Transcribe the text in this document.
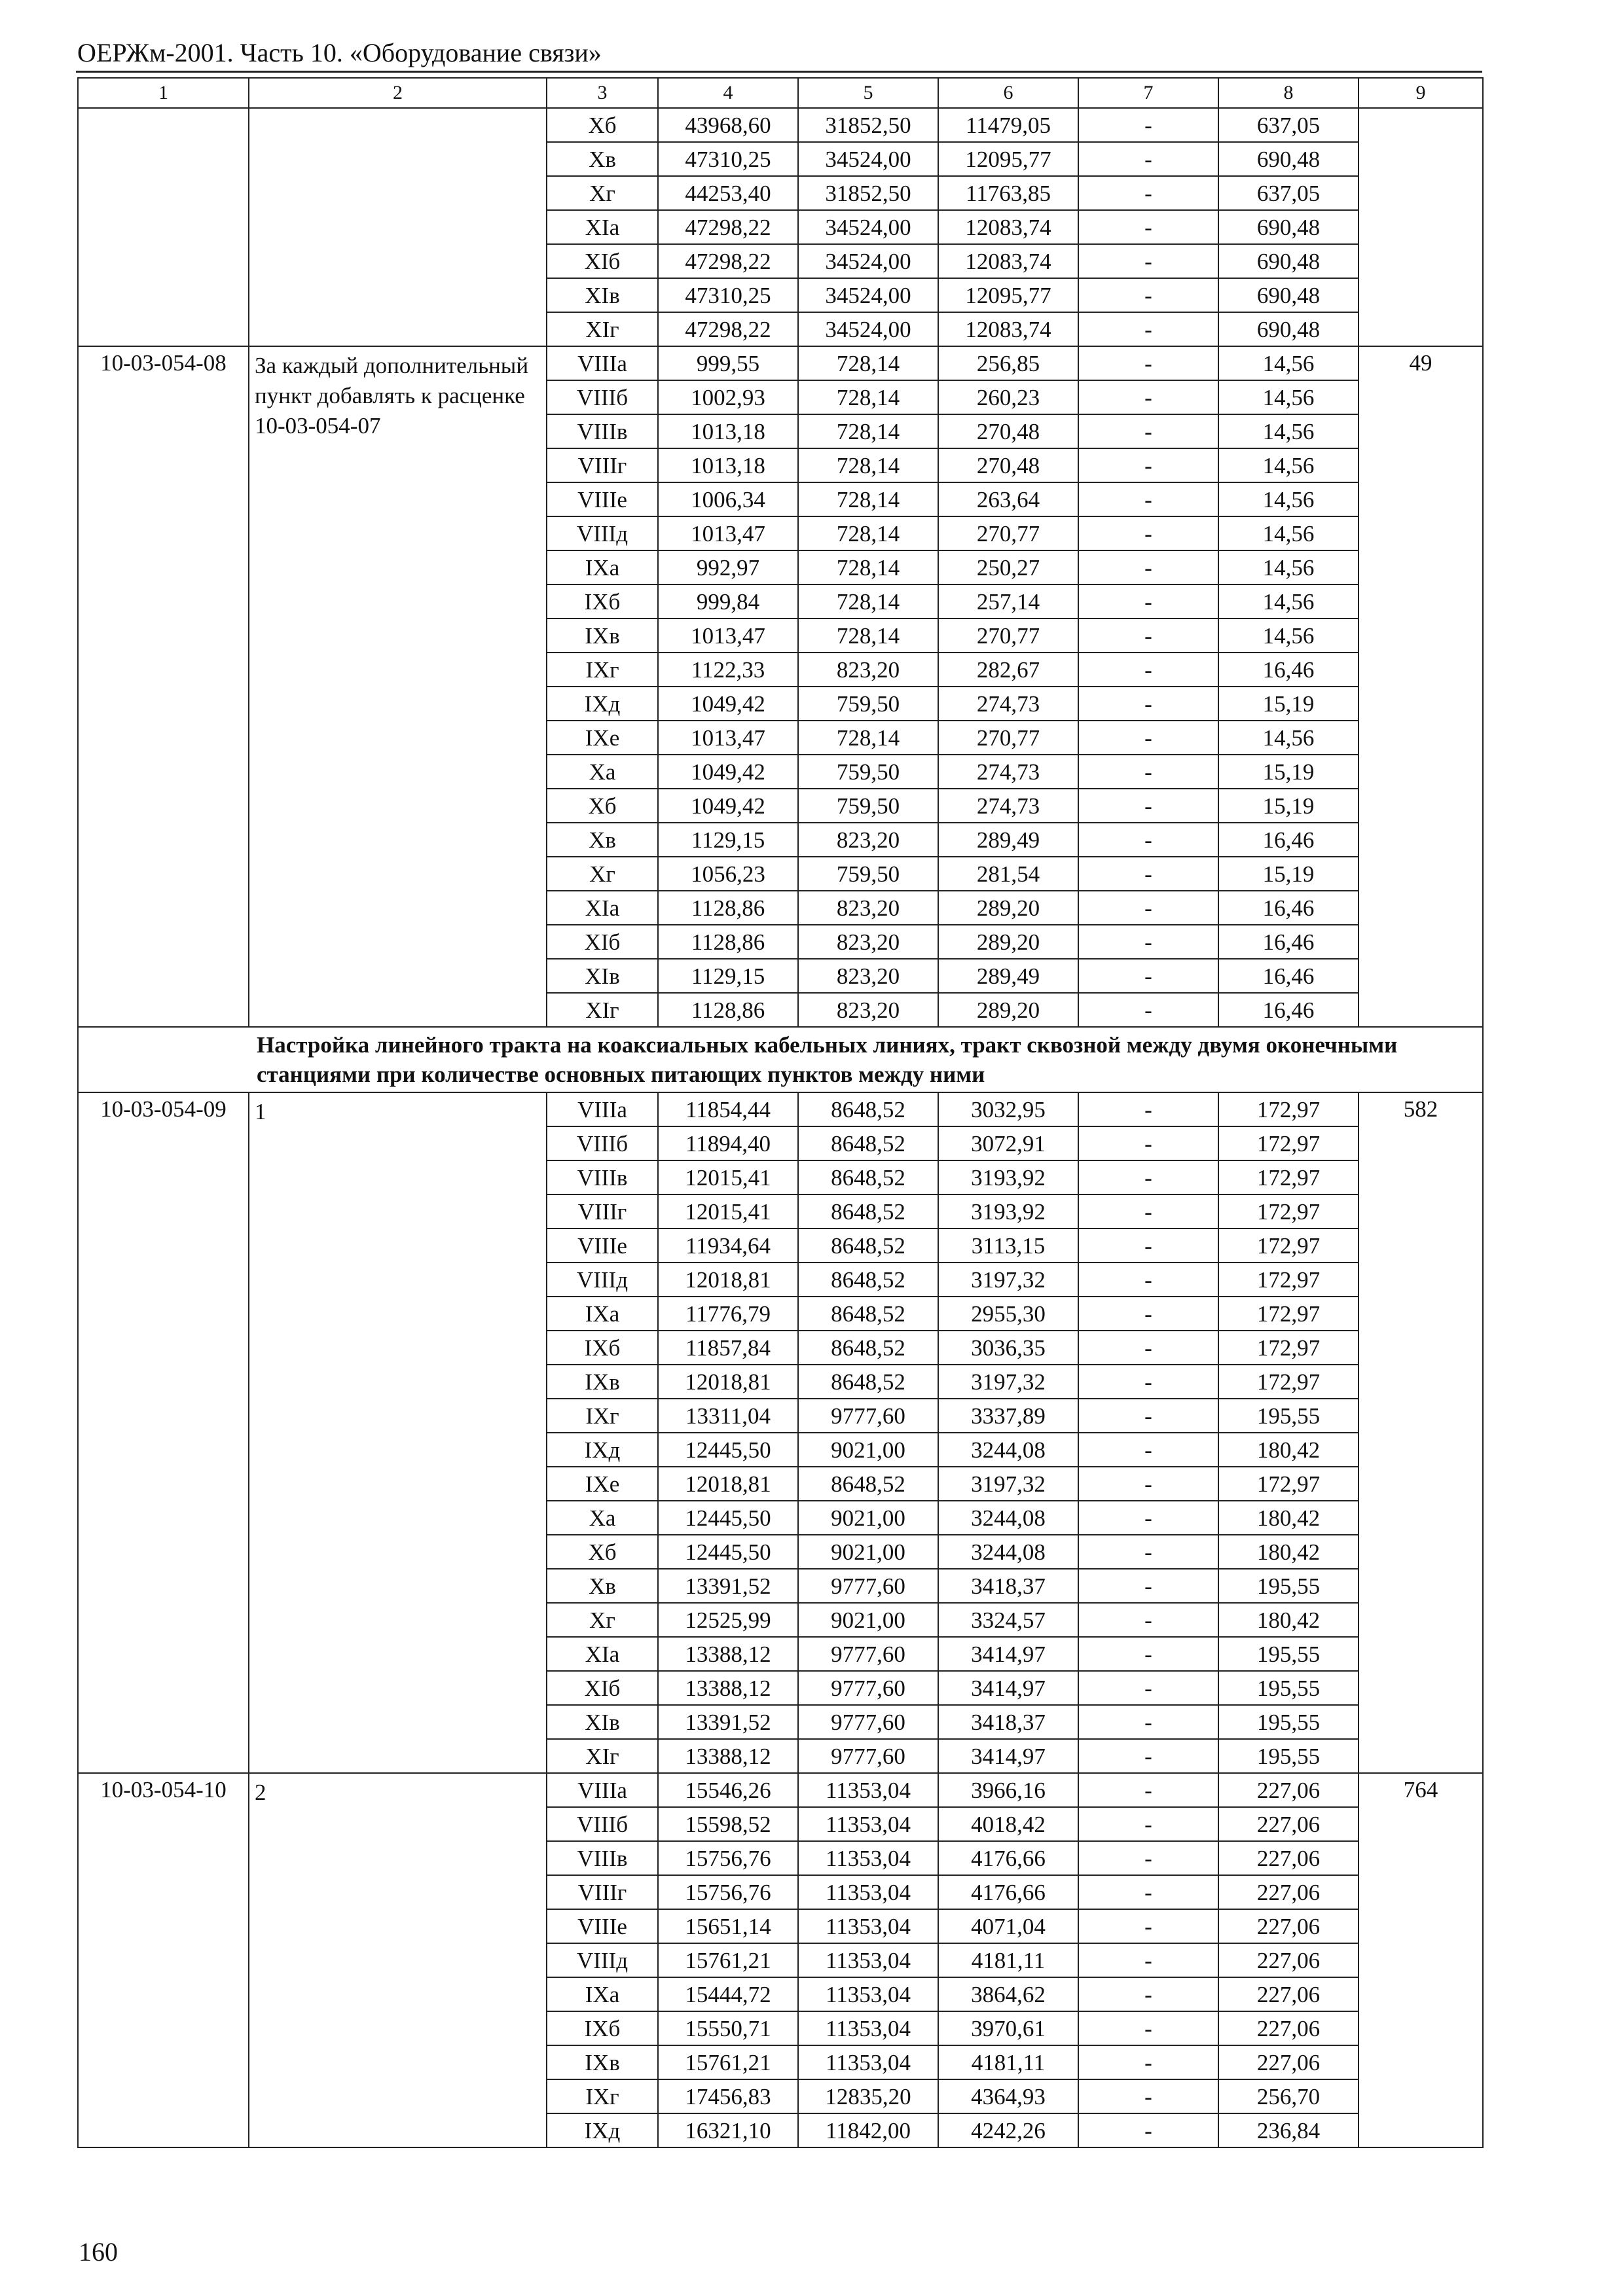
ОЕРЖм-2001. Часть 10. «Оборудование связи»
1	2	3	4	5	6	7	8	9
		Xб	43968,60	31852,50	11479,05	-	637,05	
		Xв	47310,25	34524,00	12095,77	-	690,48	
		Xг	44253,40	31852,50	11763,85	-	637,05	
		XIа	47298,22	34524,00	12083,74	-	690,48	
		XIб	47298,22	34524,00	12083,74	-	690,48	
		XIв	47310,25	34524,00	12095,77	-	690,48	
		XIг	47298,22	34524,00	12083,74	-	690,48	
10-03-054-08	За каждый дополнительный пункт добавлять к расценке 10-03-054-07	VIIIа	999,55	728,14	256,85	-	14,56	49
		VIIIб	1002,93	728,14	260,23	-	14,56	
		VIIIв	1013,18	728,14	270,48	-	14,56	
		VIIIг	1013,18	728,14	270,48	-	14,56	
		VIIIе	1006,34	728,14	263,64	-	14,56	
		VIIIд	1013,47	728,14	270,77	-	14,56	
		IXа	992,97	728,14	250,27	-	14,56	
		IXб	999,84	728,14	257,14	-	14,56	
		IXв	1013,47	728,14	270,77	-	14,56	
		IXг	1122,33	823,20	282,67	-	16,46	
		IXд	1049,42	759,50	274,73	-	15,19	
		IXе	1013,47	728,14	270,77	-	14,56	
		Xа	1049,42	759,50	274,73	-	15,19	
		Xб	1049,42	759,50	274,73	-	15,19	
		Xв	1129,15	823,20	289,49	-	16,46	
		Xг	1056,23	759,50	281,54	-	15,19	
		XIа	1128,86	823,20	289,20	-	16,46	
		XIб	1128,86	823,20	289,20	-	16,46	
		XIв	1129,15	823,20	289,49	-	16,46	
		XIг	1128,86	823,20	289,20	-	16,46	
Настройка линейного тракта на коаксиальных кабельных линиях, тракт сквозной между двумя оконечными станциями при количестве основных питающих пунктов между ними								
10-03-054-09	1	VIIIа	11854,44	8648,52	3032,95	-	172,97	582
		VIIIб	11894,40	8648,52	3072,91	-	172,97	
		VIIIв	12015,41	8648,52	3193,92	-	172,97	
		VIIIг	12015,41	8648,52	3193,92	-	172,97	
		VIIIе	11934,64	8648,52	3113,15	-	172,97	
		VIIIд	12018,81	8648,52	3197,32	-	172,97	
		IXа	11776,79	8648,52	2955,30	-	172,97	
		IXб	11857,84	8648,52	3036,35	-	172,97	
		IXв	12018,81	8648,52	3197,32	-	172,97	
		IXг	13311,04	9777,60	3337,89	-	195,55	
		IXд	12445,50	9021,00	3244,08	-	180,42	
		IXе	12018,81	8648,52	3197,32	-	172,97	
		Xа	12445,50	9021,00	3244,08	-	180,42	
		Xб	12445,50	9021,00	3244,08	-	180,42	
		Xв	13391,52	9777,60	3418,37	-	195,55	
		Xг	12525,99	9021,00	3324,57	-	180,42	
		XIа	13388,12	9777,60	3414,97	-	195,55	
		XIб	13388,12	9777,60	3414,97	-	195,55	
		XIв	13391,52	9777,60	3418,37	-	195,55	
		XIг	13388,12	9777,60	3414,97	-	195,55	
10-03-054-10	2	VIIIа	15546,26	11353,04	3966,16	-	227,06	764
		VIIIб	15598,52	11353,04	4018,42	-	227,06	
		VIIIв	15756,76	11353,04	4176,66	-	227,06	
		VIIIг	15756,76	11353,04	4176,66	-	227,06	
		VIIIе	15651,14	11353,04	4071,04	-	227,06	
		VIIIд	15761,21	11353,04	4181,11	-	227,06	
		IXа	15444,72	11353,04	3864,62	-	227,06	
		IXб	15550,71	11353,04	3970,61	-	227,06	
		IXв	15761,21	11353,04	4181,11	-	227,06	
		IXг	17456,83	12835,20	4364,93	-	256,70	
		IXд	16321,10	11842,00	4242,26	-	236,84	
160
